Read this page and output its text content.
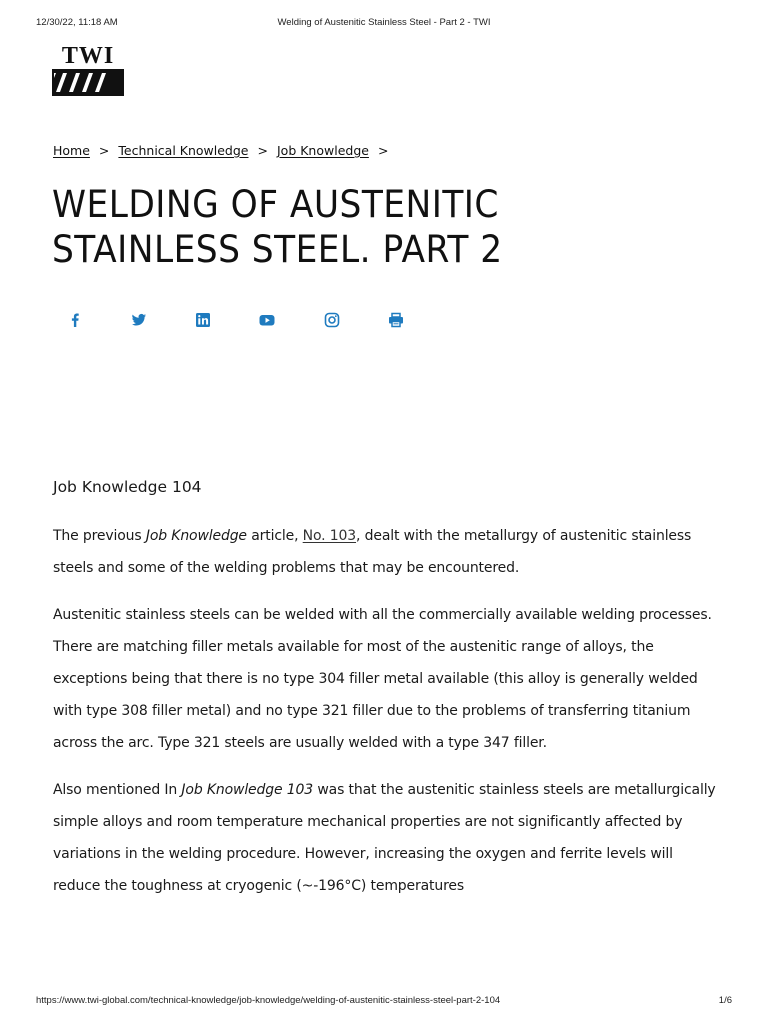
12/30/22, 11:18 AM	Welding of Austenitic Stainless Steel - Part 2 - TWI
TWI
Home > Technical Knowledge > Job Knowledge >
WELDING OF AUSTENITIC STAINLESS STEEL. PART 2
Job Knowledge 104

The previous Job Knowledge article, No. 103, dealt with the metallurgy of austenitic stainless steels and some of the welding problems that may be encountered.

Austenitic stainless steels can be welded with all the commercially available welding processes. There are matching filler metals available for most of the austenitic range of alloys, the exceptions being that there is no type 304 filler metal available (this alloy is generally welded with type 308 filler metal) and no type 321 filler due to the problems of transferring titanium across the arc. Type 321 steels are usually welded with a type 347 filler.

Also mentioned In Job Knowledge 103 was that the austenitic stainless steels are metallurgically simple alloys and room temperature mechanical properties are not significantly affected by variations in the welding procedure. However, increasing the oxygen and ferrite levels will reduce the toughness at cryogenic (~-196°C) temperatures

https://www.twi-global.com/technical-knowledge/job-knowledge/welding-of-austenitic-stainless-steel-part-2-104	1/6
